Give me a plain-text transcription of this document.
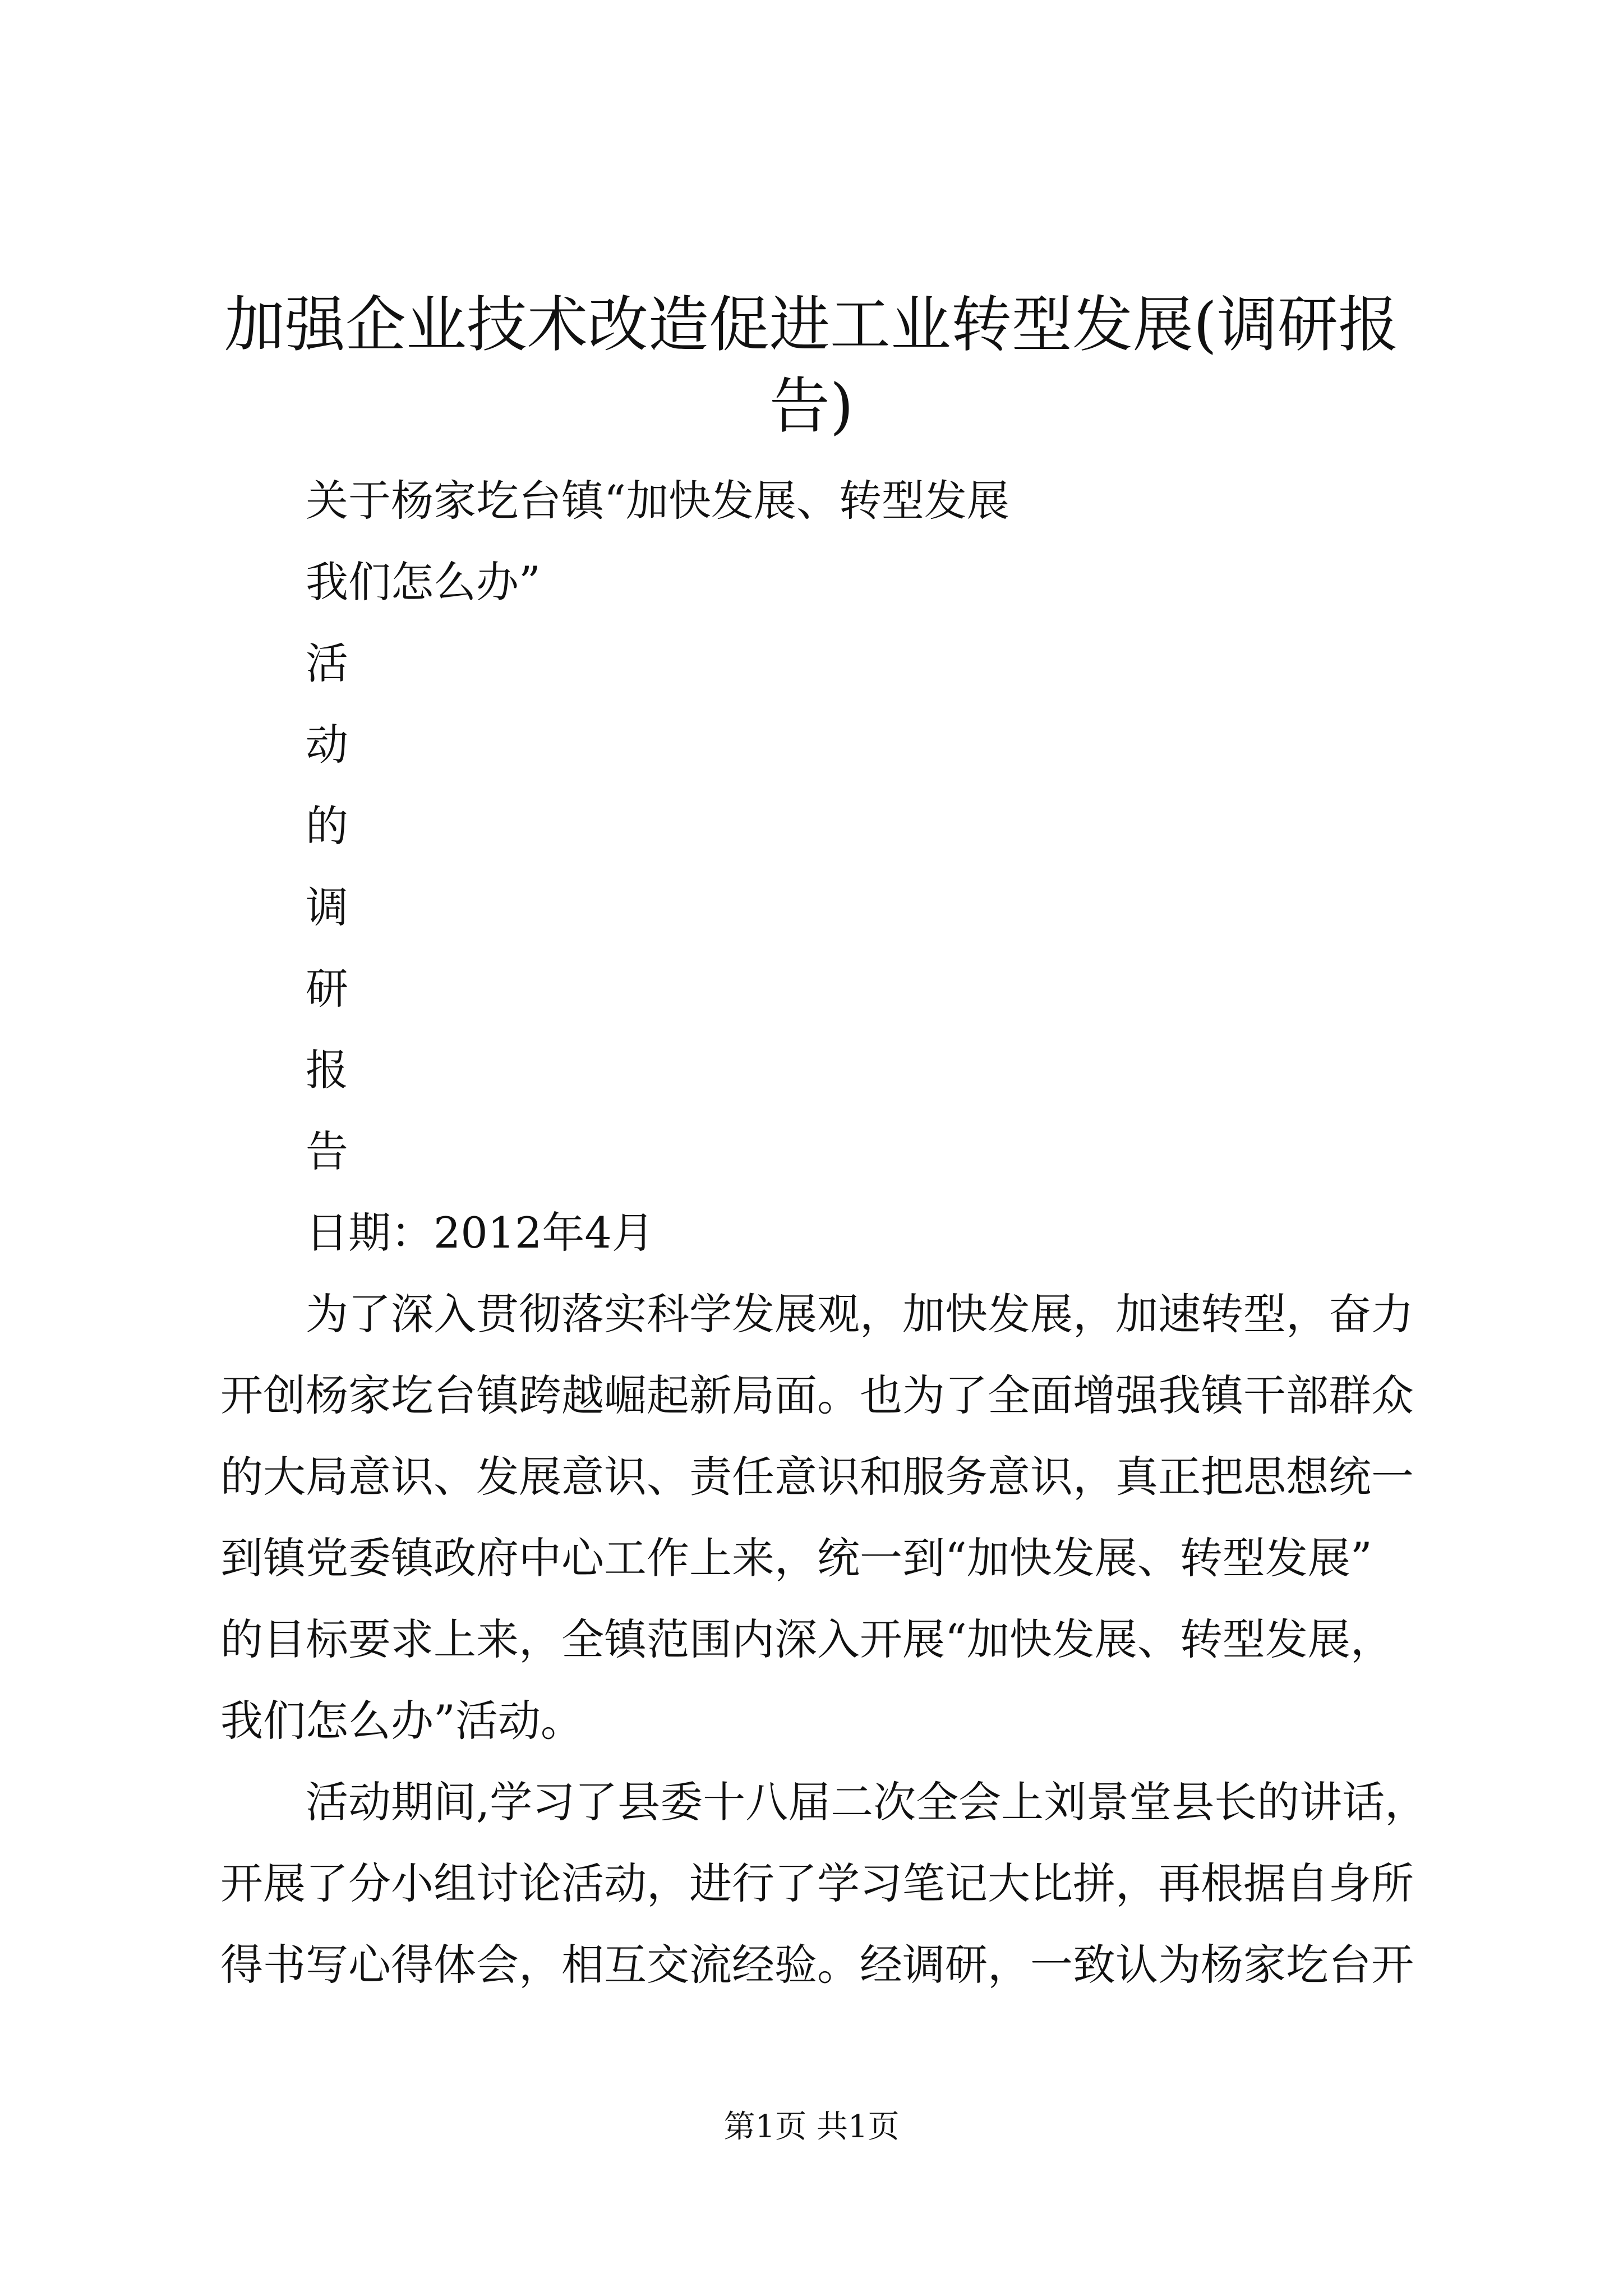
加强企业技术改造促进工业转型发展(调研报
告)

关于杨家圪台镇“加快发展、转型发展

我们怎么办”

活

动

的

调

研

报

告

日期：2012年4月

为了深入贯彻落实科学发展观，加快发展，加速转型，奋力

开创杨家圪台镇跨越崛起新局面。也为了全面增强我镇干部群众

的大局意识、发展意识、责任意识和服务意识，真正把思想统一

到镇党委镇政府中心工作上来，统一到“加快发展、转型发展”

的目标要求上来，全镇范围内深入开展“加快发展、转型发展，

我们怎么办”活动。

活动期间,学习了县委十八届二次全会上刘景堂县长的讲话，

开展了分小组讨论活动，进行了学习笔记大比拼，再根据自身所

得书写心得体会，相互交流经验。经调研，一致认为杨家圪台开

第1页 共1页
